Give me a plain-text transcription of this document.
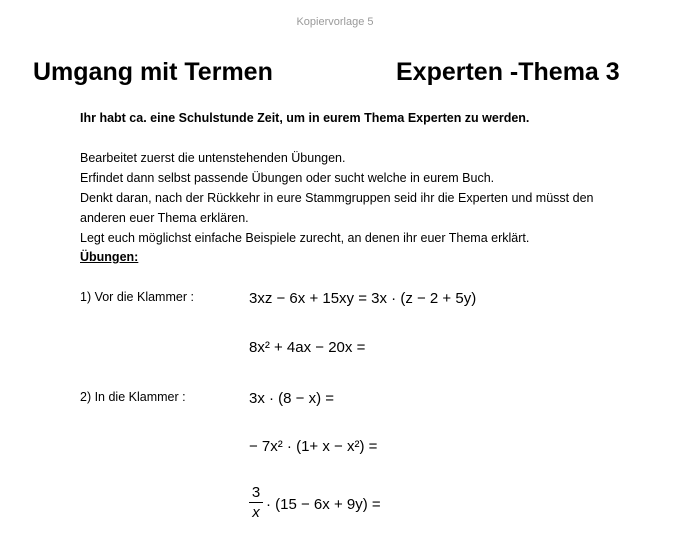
Kopiervorlage 5
Umgang mit Termen	Experten -Thema 3
Ihr habt ca. eine Schulstunde Zeit, um in eurem Thema Experten zu werden.
Bearbeitet zuerst die untenstehenden Übungen.
Erfindet dann selbst passende Übungen oder sucht welche in eurem Buch.
Denkt daran, nach der Rückkehr in eure Stammgruppen seid ihr die Experten und müsst den
anderen euer Thema erklären.
Legt euch möglichst einfache Beispiele zurecht, an denen ihr euer Thema erklärt.
Übungen:
1) Vor die Klammer :	3xz − 6x + 15xy = 3x · (z − 2 + 5y)
8x² + 4ax − 20x =
2) In die Klammer :	3x · (8 − x) =
− 7x² · (1+ x − x²) =
3
x · (15 − 6x + 9y) =
